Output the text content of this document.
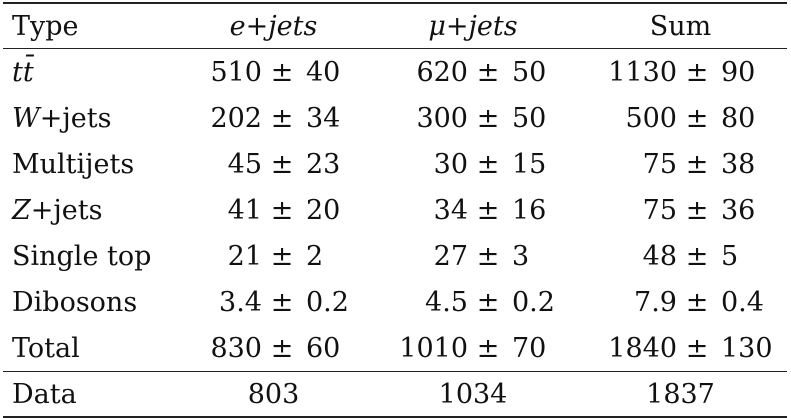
Type	e+jets	μ+jets	Sum
tt̄	510 ± 40	620 ± 50	1130 ± 90

W+jets	202 ± 34	300 ± 50	500 ± 80

Multijets	45 ± 23	30 ± 15	75 ± 38

Z+jets	41 ± 20	34 ± 16	75 ± 36

Single top	21 ± 2	27 ± 3	48 ± 5

Dibosons	3.4 ± 0.2	4.5 ± 0.2	7.9 ± 0.4

Total	830 ± 60	1010 ± 70	1840 ± 130

Data	803	1034	1837
